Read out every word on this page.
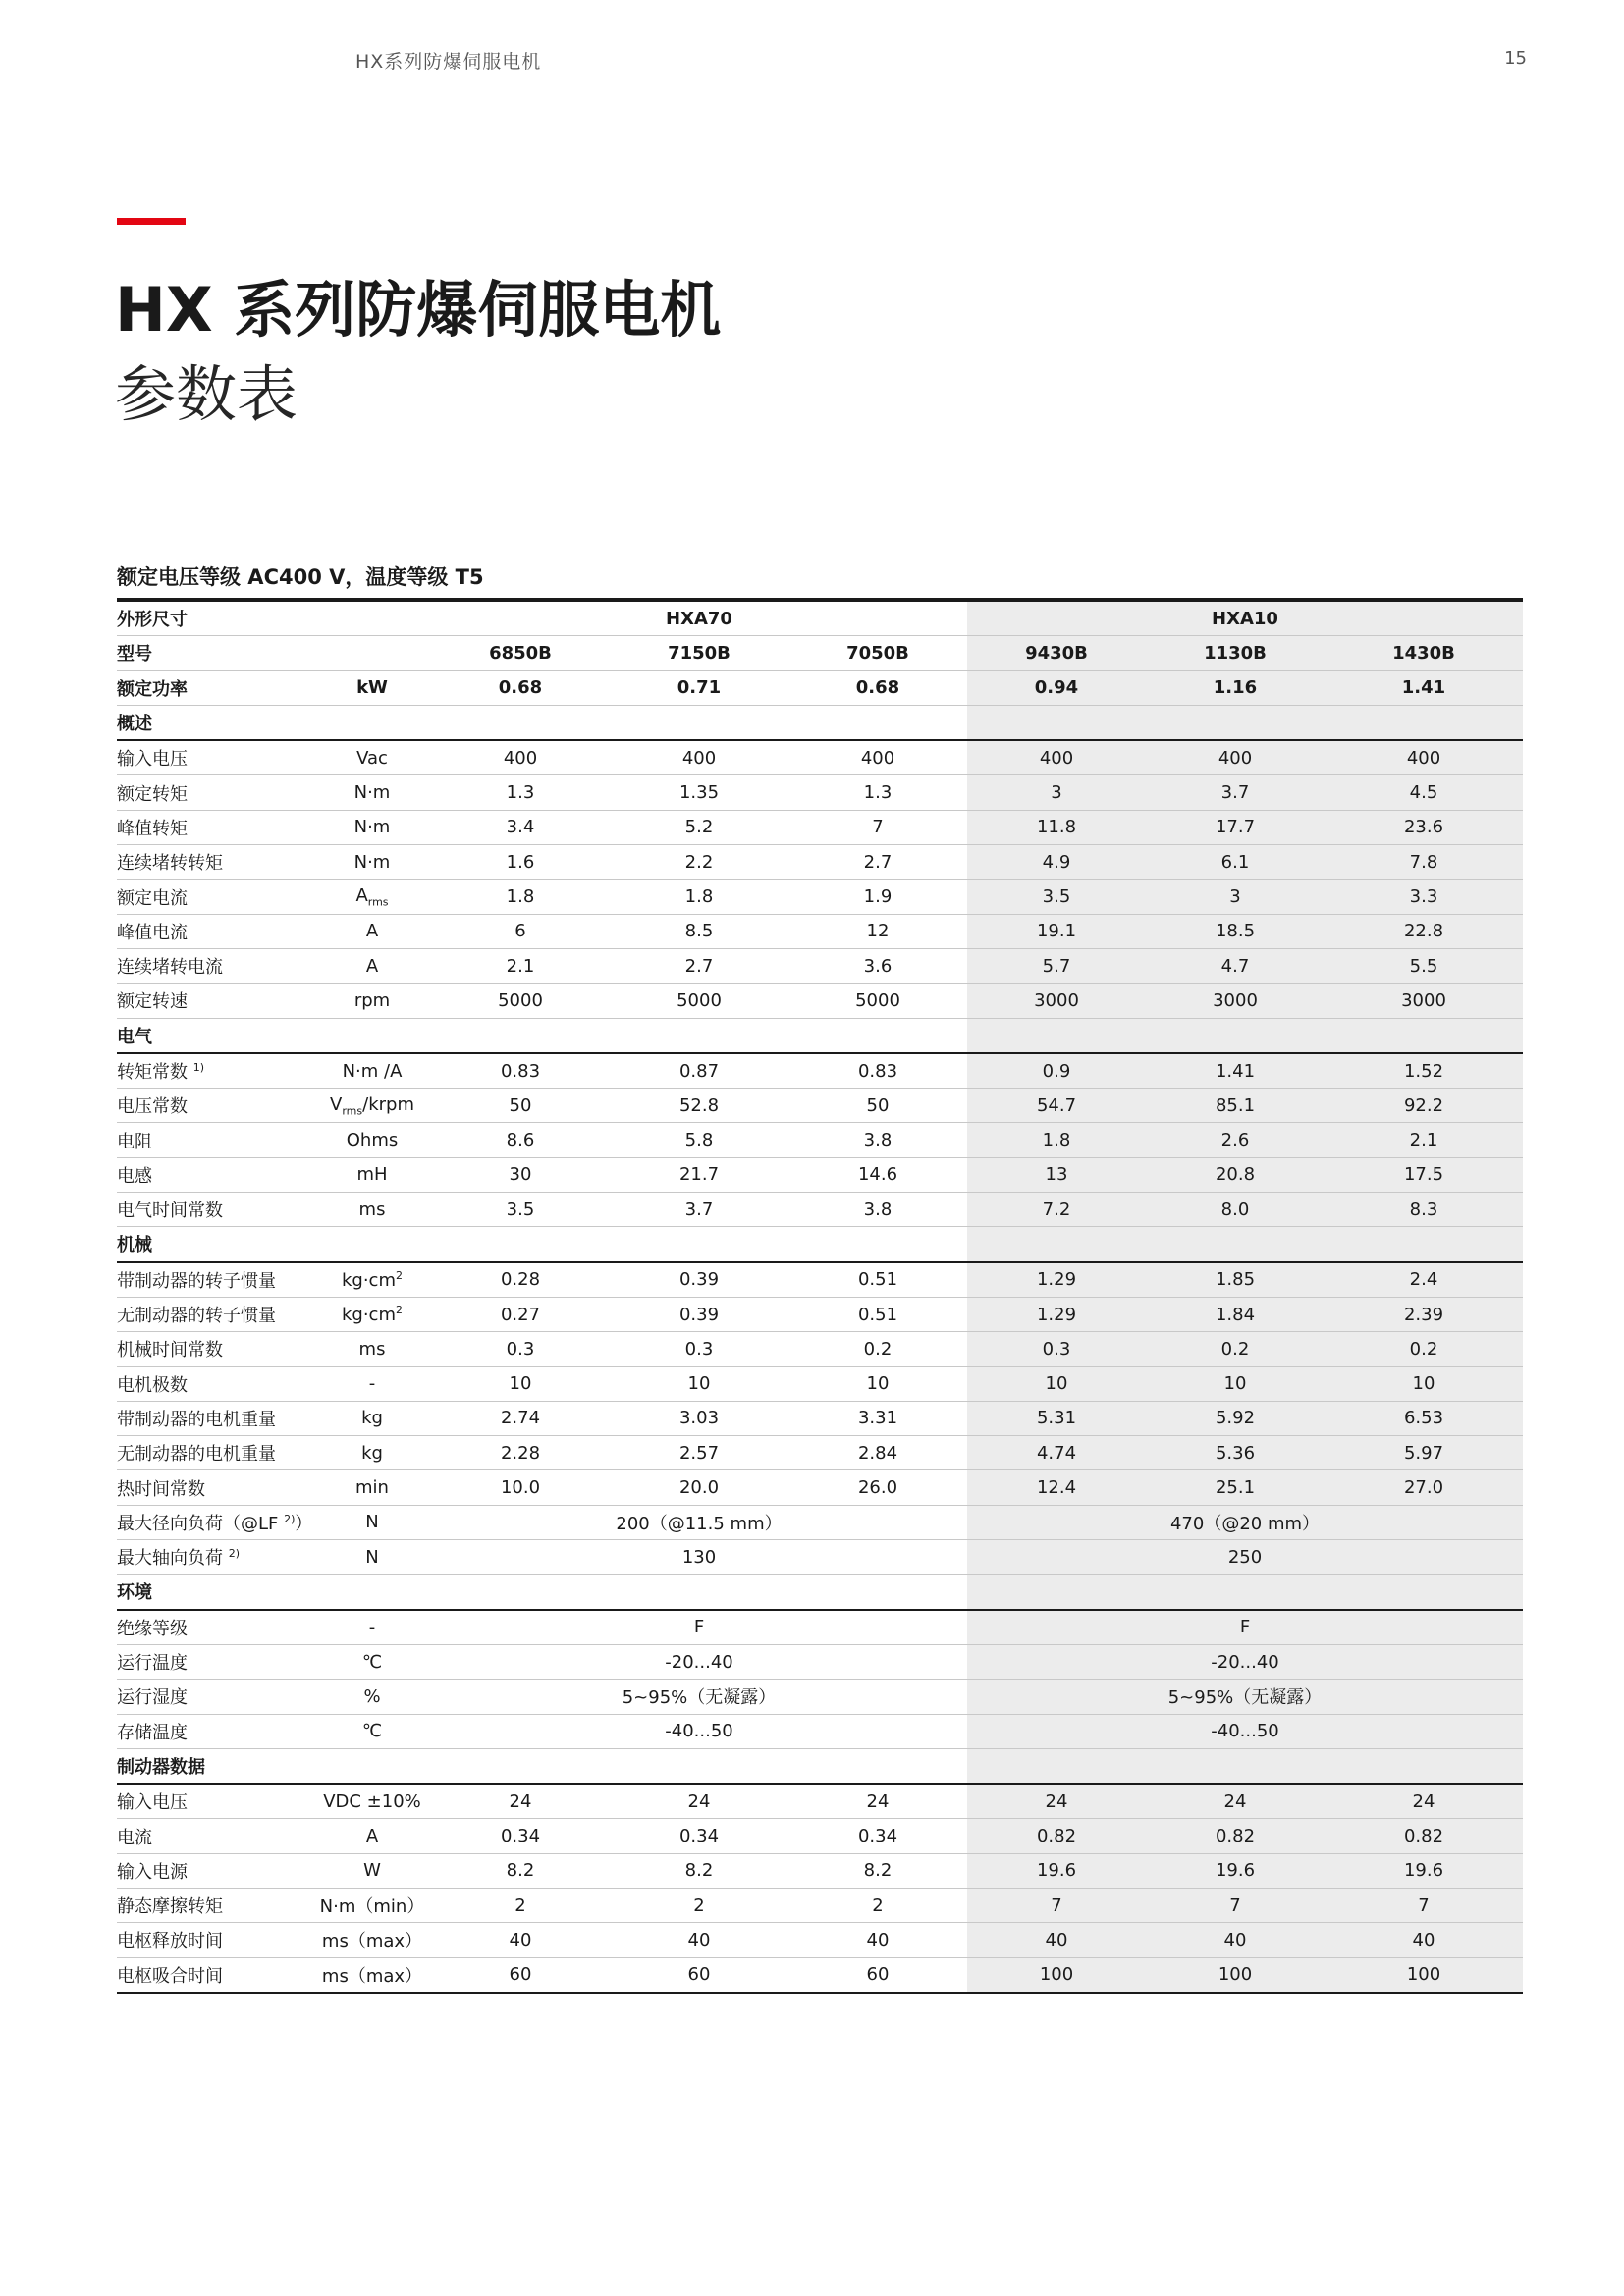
HX系列防爆伺服电机	15
HX 系列防爆伺服电机
参数表
额定电压等级 AC400 V，温度等级 T5
外形尺寸		HXA70			HXA10		
型号		6850B	7150B	7050B	9430B	1130B	1430B
额定功率	kW	0.68	0.71	0.68	0.94	1.16	1.41
概述							
输入电压	Vac	400	400	400	400	400	400
额定转矩	N·m	1.3	1.35	1.3	3	3.7	4.5
峰值转矩	N·m	3.4	5.2	7	11.8	17.7	23.6
连续堵转转矩	N·m	1.6	2.2	2.7	4.9	6.1	7.8
额定电流	$A_{rms}$	1.8	1.8	1.9	3.5	3	3.3
峰值电流	A	6	8.5	12	19.1	18.5	22.8
连续堵转电流	A	2.1	2.7	3.6	5.7	4.7	5.5
额定转速	rpm	5000	5000	5000	3000	3000	3000
电气							
转矩常数 $^{1)}$	N·m /A	0.83	0.87	0.83	0.9	1.41	1.52
电压常数	$V_{rms}$/krpm	50	52.8	50	54.7	85.1	92.2
电阻	Ohms	8.6	5.8	3.8	1.8	2.6	2.1
电感	mH	30	21.7	14.6	13	20.8	17.5
电气时间常数	ms	3.5	3.7	3.8	7.2	8.0	8.3
机械							
带制动器的转子惯量	$kg\cdot cm^2$	0.28	0.39	0.51	1.29	1.85	2.4
无制动器的转子惯量	$kg\cdot cm^2$	0.27	0.39	0.51	1.29	1.84	2.39
机械时间常数	ms	0.3	0.3	0.2	0.3	0.2	0.2
电机极数	-	10	10	10	10	10	10
带制动器的电机重量	kg	2.74	3.03	3.31	5.31	5.92	6.53
无制动器的电机重量	kg	2.28	2.57	2.84	4.74	5.36	5.97
热时间常数	min	10.0	20.0	26.0	12.4	25.1	27.0
最大径向负荷（@LF $^{2)}$）	N	200（@11.5 mm）			470（@20 mm）		
最大轴向负荷 $^{2)}$	N	130			250		
环境							
绝缘等级	-	F			F		
运行温度	℃	-20...40			-20...40		
运行湿度	%	5~95%（无凝露）			5~95%（无凝露）		
存储温度	℃	-40...50			-40...50		
制动器数据							
输入电压	VDC ±10%	24	24	24	24	24	24
电流	A	0.34	0.34	0.34	0.82	0.82	0.82
输入电源	W	8.2	8.2	8.2	19.6	19.6	19.6
静态摩擦转矩	N·m（min）	2	2	2	7	7	7
电枢释放时间	ms（max）	40	40	40	40	40	40
电枢吸合时间	ms（max）	60	60	60	100	100	100
